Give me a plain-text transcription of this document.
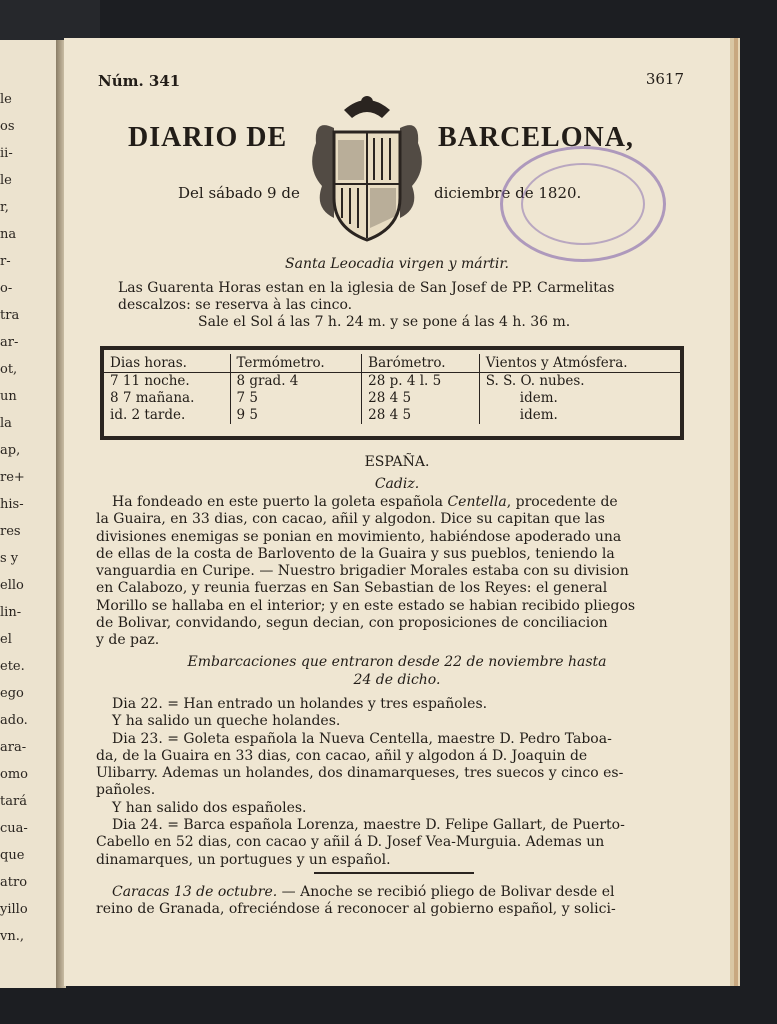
le
os
ii-
le
r,
na
r-
o-
tra
ar-
ot,
un
la
ap,
re+
his-
res
s y
ello
lin-
el
ete.
ego
ado.
ara-
omo
tará
cua-
que
atro
yillo
vn.,
Núm. 341	3617
DIARIO DE	BARCELONA,
Del sábado 9 de	diciembre de 1820.
Santa Leocadia virgen y mártir.
Las Guarenta Horas estan en la iglesia de San Josef de PP. Carmelitas
descalzos: se reserva à las cinco.
Sale el Sol á las 7 h. 24 m. y se pone á las 4 h. 36 m.
Dias horas.	Termómetro.	Barómetro.	Vientos y Atmósfera.
7 11 noche.	8 grad. 4	28 p. 4 l. 5	S. S. O. nubes.
8 7 mañana.	7 5	28 4 5	idem.
id. 2 tarde.	9 5	28 4 5	idem.
ESPAÑA.
Cadiz.
Ha fondeado en este puerto la goleta española Centella, procedente de
la Guaira, en 33 dias, con cacao, añil y algodon. Dice su capitan que las
divisiones enemigas se ponian en movimiento, habiéndose apoderado una
de ellas de la costa de Barlovento de la Guaira y sus pueblos, teniendo la
vanguardia en Curipe. — Nuestro brigadier Morales estaba con su division
en Calabozo, y reunia fuerzas en San Sebastian de los Reyes: el general
Morillo se hallaba en el interior; y en este estado se habian recibido pliegos
de Bolivar, convidando, segun decian, con proposiciones de conciliacion
y de paz.
Embarcaciones que entraron desde 22 de noviembre hasta
24 de dicho.
Dia 22. = Han entrado un holandes y tres españoles.
Y ha salido un queche holandes.
Dia 23. = Goleta española la Nueva Centella, maestre D. Pedro Taboa-
da, de la Guaira en 33 dias, con cacao, añil y algodon á D. Joaquin de
Ulibarry. Ademas un holandes, dos dinamarqueses, tres suecos y cinco es-
pañoles.
Y han salido dos españoles.
Dia 24. = Barca española Lorenza, maestre D. Felipe Gallart, de Puerto-
Cabello en 52 dias, con cacao y añil á D. Josef Vea-Murguia. Ademas un
dinamarques, un portugues y un español.
Caracas 13 de octubre. — Anoche se recibió pliego de Bolivar desde el
reino de Granada, ofreciéndose á reconocer al gobierno español, y solici-
